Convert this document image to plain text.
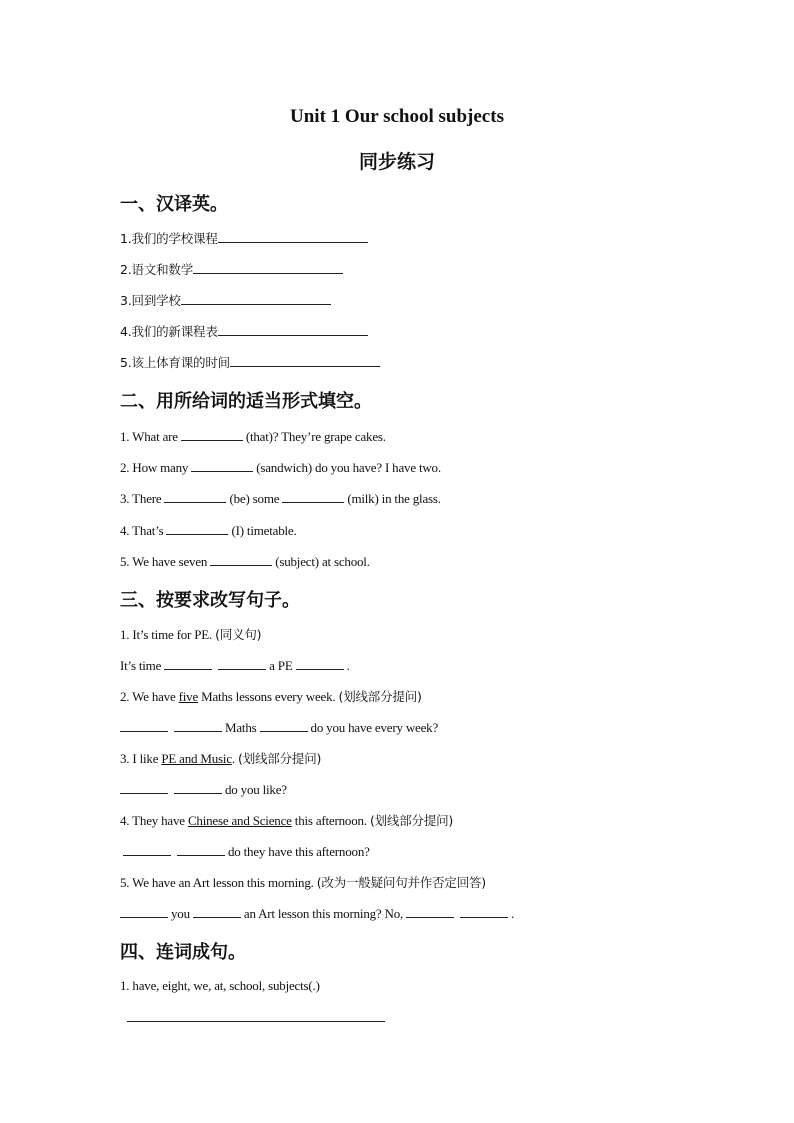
Unit 1 Our school subjects
同步练习
一、汉译英。
1.我们的学校课程
2.语文和数学
3.回到学校
4.我们的新课程表
5.该上体育课的时间
二、用所给词的适当形式填空。
1. What are	(that)? They’re grape cakes.
2. How many	(sandwich) do you have? I have two.
3. There	(be) some	(milk) in the glass.
4. That’s	(I) timetable.
5. We have seven	(subject) at school.
三、按要求改写句子。
1. It’s time for PE. (同义句)
It’s time	a PE	.
2. We have five Maths lessons every week. (划线部分提问)
Maths	do you have every week?
3. I like PE and Music. (划线部分提问)
do you like?
4. They have Chinese and Science this afternoon. (划线部分提问)
do they have this afternoon?
5. We have an Art lesson this morning. (改为一般疑问句并作否定回答)
you	an Art lesson this morning? No,	.
四、连词成句。
1. have, eight, we, at, school, subjects(.)
